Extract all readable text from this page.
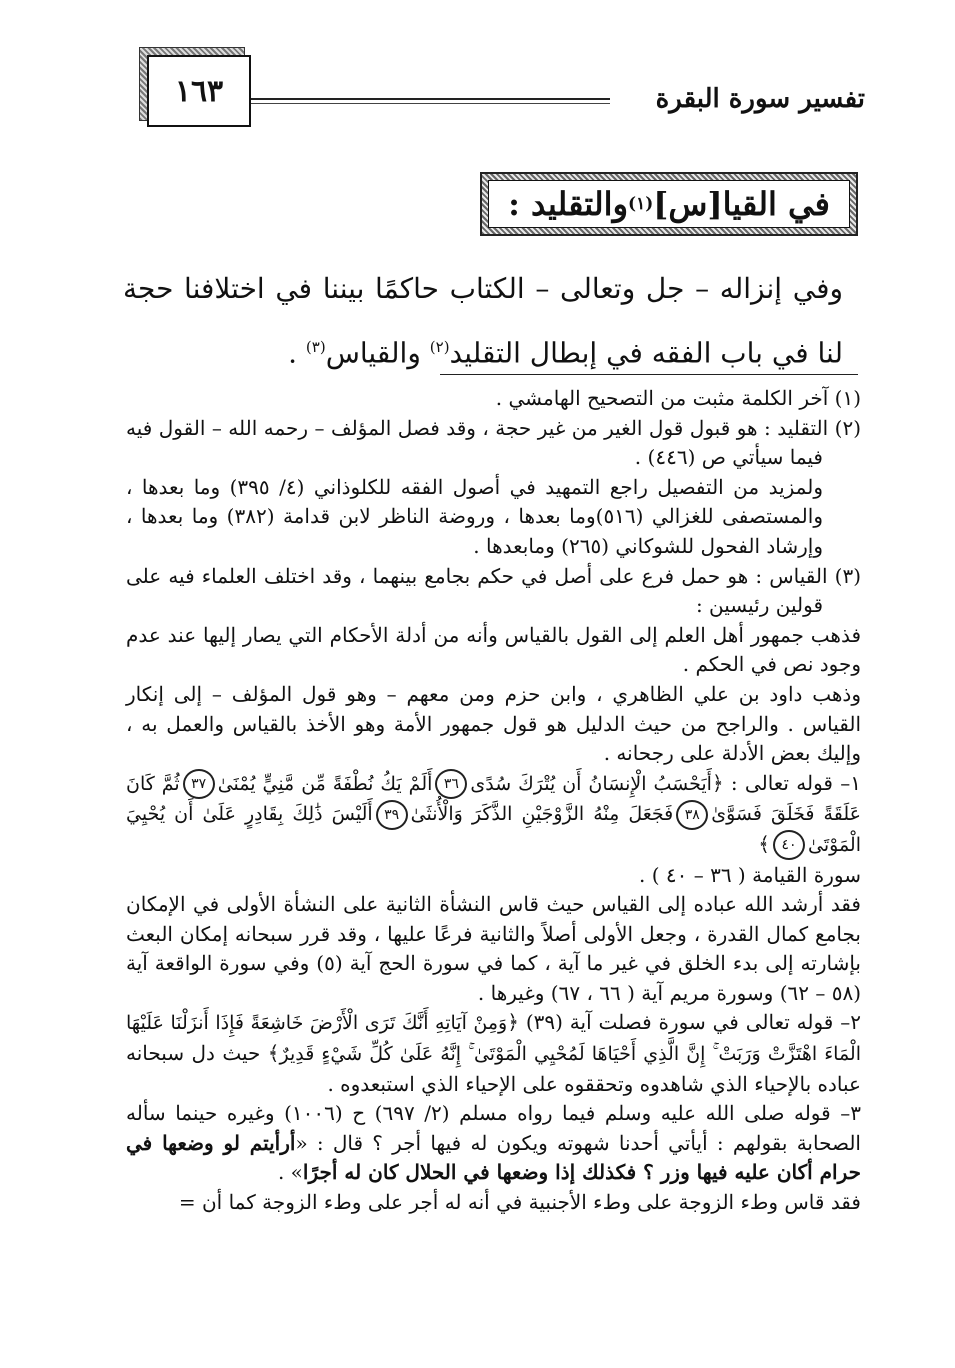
تفسير سورة البقرة
١٦٣
في القيا[س]
(١)
والتقليد :
وفي إنزاله – جل وتعالى – الكتاب حاكمًا بيننا في اختلافنا حجة لنا في باب الفقه في إبطال التقليد$^{(٢)}$ والقياس$^{(٣)}$ .

(١) آخر الكلمة مثبت من التصحيح الهامشي .

(٢) التقليد : هو قبول قول الغير من غير حجة ، وقد فصل المؤلف – رحمه الله – القول فيه فيما سيأتي ص (٤٤٦) .

ولمزيد من التفصيل راجع التمهيد في أصول الفقه للكلوذاني (٤/ ٣٩٥) وما بعدها ، والمستصفى للغزالي (٥١٦)وما بعدها ، وروضة الناظر لابن قدامة (٣٨٢) وما بعدها ، وإرشاد الفحول للشوكاني (٢٦٥) ومابعدها .

(٣) القياس : هو حمل فرع على أصل في حكم بجامع بينهما ، وقد اختلف العلماء فيه على قولين رئيسين :

فذهب جمهور أهل العلم إلى القول بالقياس وأنه من أدلة الأحكام التي يصار إليها عند عدم وجود نص في الحكم .

وذهب داود بن علي الظاهري ، وابن حزم ومن معهم – وهو قول المؤلف – إلى إنكار القياس . والراجح من حيث الدليل هو قول جمهور الأمة وهو الأخذ بالقياس والعمل به ، وإليك بعض الأدلة على رجحانه .

١– قوله تعالى : ﴿أَيَحْسَبُ الْإِنسَانُ أَن يُتْرَكَ سُدًى٣٦أَلَمْ يَكُ نُطْفَةً مِّن مَّنِيٍّ يُمْنَىٰ٣٧ثُمَّ كَانَ عَلَقَةً فَخَلَقَ فَسَوَّىٰ٣٨فَجَعَلَ مِنْهُ الزَّوْجَيْنِ الذَّكَرَ وَالْأُنثَىٰ٣٩أَلَيْسَ ذَٰلِكَ بِقَادِرٍ عَلَىٰ أَن يُحْيِيَ الْمَوْتَىٰ٤٠﴾
سورة القيامة ( ٣٦ – ٤٠ ) .

فقد أرشد الله عباده إلى القياس حيث قاس النشأة الثانية على النشأة الأولى في الإمكان بجامع كمال القدرة ، وجعل الأولى أصلاً والثانية فرعًا عليها ، وقد قرر سبحانه إمكان البعث بإشارته إلى بدء الخلق في غير ما آية ، كما في سورة الحج آية (٥) وفي سورة الواقعة آية (٥٨ – ٦٢) وسورة مريم آية ( ٦٦ ، ٦٧) وغيرها .

٢– قوله تعالى في سورة فصلت آية (٣٩) ﴿وَمِنْ آيَاتِهِ أَنَّكَ تَرَى الْأَرْضَ خَاشِعَةً فَإِذَا أَنزَلْنَا عَلَيْهَا الْمَاءَ اهْتَزَّتْ وَرَبَتْ ۚ إِنَّ الَّذِي أَحْيَاهَا لَمُحْيِي الْمَوْتَىٰ ۚ إِنَّهُ عَلَىٰ كُلِّ شَيْءٍ قَدِيرٌ﴾ حيث دل سبحانه عباده بالإحياء الذي شاهدوه وتحققوه على الإحياء الذي استبعدوه .

٣– قوله صلى الله عليه وسلم فيما رواه مسلم (٢/ ٦٩٧) ح (١٠٠٦) وغيره حينما سأله الصحابة بقولهم : أيأتي أحدنا شهوته ويكون له فيها أجر ؟ قال : «أرأيتم لو وضعها في حرام أكان عليه فيها وزر ؟ فكذلك إذا وضعها في الحلال كان له أجرًا» .

فقد قاس وطء الزوجة على وطء الأجنبية في أنه له أجر على وطء الزوجة كما أن =
